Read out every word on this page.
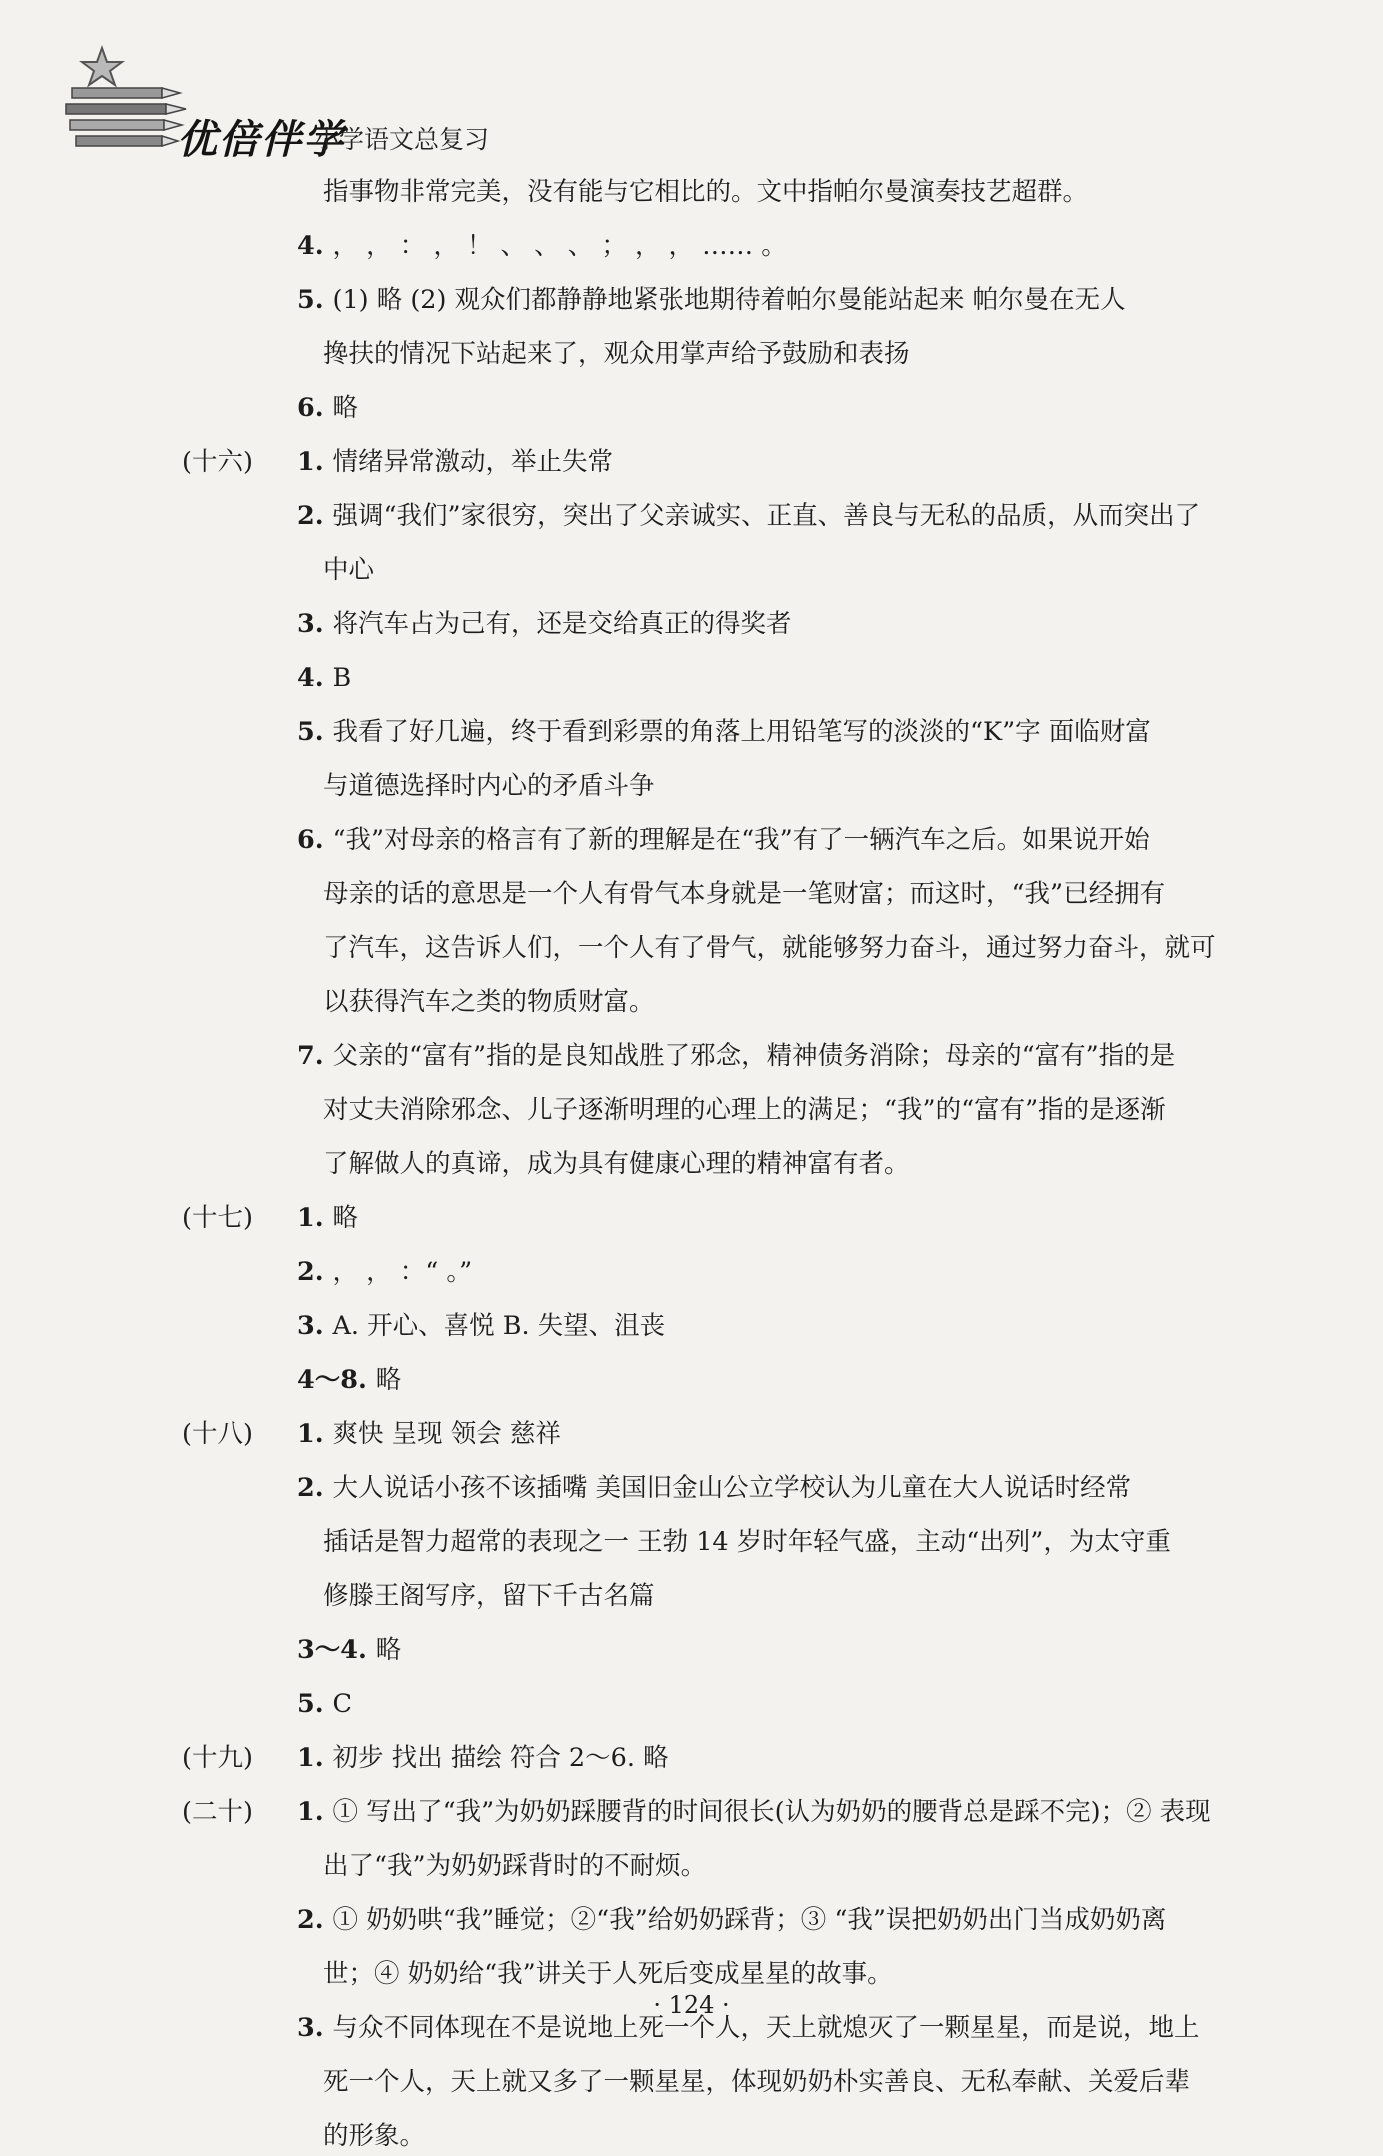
优倍伴学
小学语文总复习
指事物非常完美，没有能与它相比的。文中指帕尔曼演奏技艺超群。
4. ， ， ： ， ！ 、 、 、 ； ， ， …… 。
5. (1) 略 (2) 观众们都静静地紧张地期待着帕尔曼能站起来 帕尔曼在无人
搀扶的情况下站起来了，观众用掌声给予鼓励和表扬
6. 略
(十六) 1. 情绪异常激动，举止失常
2. 强调“我们”家很穷，突出了父亲诚实、正直、善良与无私的品质，从而突出了
中心
3. 将汽车占为己有，还是交给真正的得奖者
4. B
5. 我看了好几遍，终于看到彩票的角落上用铅笔写的淡淡的“K”字 面临财富
与道德选择时内心的矛盾斗争
6. “我”对母亲的格言有了新的理解是在“我”有了一辆汽车之后。如果说开始
母亲的话的意思是一个人有骨气本身就是一笔财富；而这时，“我”已经拥有
了汽车，这告诉人们，一个人有了骨气，就能够努力奋斗，通过努力奋斗，就可
以获得汽车之类的物质财富。
7. 父亲的“富有”指的是良知战胜了邪念，精神债务消除；母亲的“富有”指的是
对丈夫消除邪念、儿子逐渐明理的心理上的满足；“我”的“富有”指的是逐渐
了解做人的真谛，成为具有健康心理的精神富有者。
(十七) 1. 略
2. ， ， ：“ 。”
3. A. 开心、喜悦 B. 失望、沮丧
4～8. 略
(十八) 1. 爽快 呈现 领会 慈祥
2. 大人说话小孩不该插嘴 美国旧金山公立学校认为儿童在大人说话时经常
插话是智力超常的表现之一 王勃 14 岁时年轻气盛，主动“出列”，为太守重
修滕王阁写序，留下千古名篇
3～4. 略
5. C
(十九) 1. 初步 找出 描绘 符合 2～6. 略
(二十) 1. ① 写出了“我”为奶奶踩腰背的时间很长(认为奶奶的腰背总是踩不完)；② 表现
出了“我”为奶奶踩背时的不耐烦。
2. ① 奶奶哄“我”睡觉；②“我”给奶奶踩背；③ “我”误把奶奶出门当成奶奶离
世；④ 奶奶给“我”讲关于人死后变成星星的故事。
3. 与众不同体现在不是说地上死一个人，天上就熄灭了一颗星星，而是说，地上
死一个人，天上就又多了一颗星星，体现奶奶朴实善良、无私奉献、关爱后辈
的形象。
· 124 ·
